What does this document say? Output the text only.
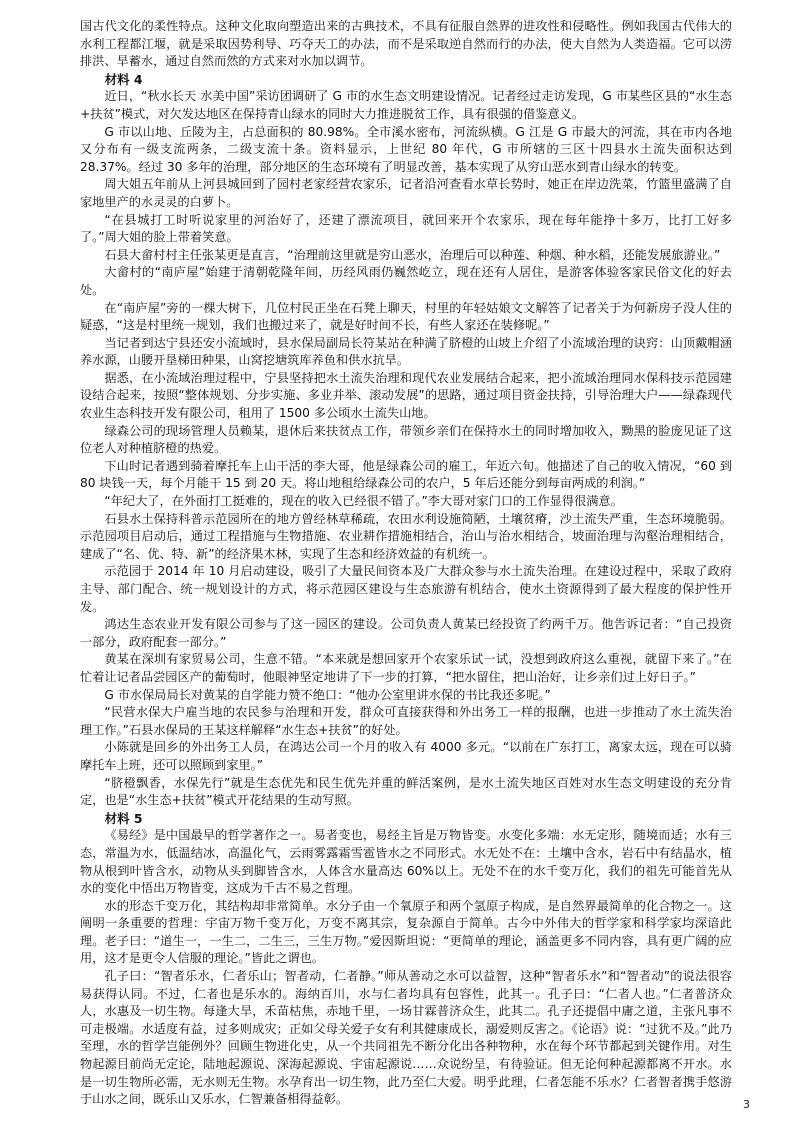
国古代文化的柔性特点。这种文化取向塑造出来的古典技术，不具有征服自然界的进攻性和侵略性。例如我国古代伟大的水利工程都江堰，就是采取因势利导、巧夺天工的办法，而不是采取逆自然而行的办法，使大自然为人类造福。它可以涝排洪、旱蓄水，通过自然而然的方式来对水加以调节。

材料 4

近日，“秋水长天 水美中国”采访团调研了 G 市的水生态文明建设情况。记者经过走访发现，G 市某些区县的“水生态+扶贫”模式，对欠发达地区在保持青山绿水的同时大力推进脱贫工作，具有很强的借鉴意义。

G 市以山地、丘陵为主，占总面积的 80.98%。全市溪水密布，河流纵横。G 江是 G 市最大的河流，其在市内各地又分布有一级支流两条，二级支流十条。资料显示，上世纪 80 年代，G 市所辖的三区十四县水土流失面积达到 28.37%。经过 30 多年的治理，部分地区的生态环境有了明显改善，基本实现了从穷山恶水到青山绿水的转变。

周大姐五年前从上河县城回到了园村老家经营农家乐，记者沿河查看水草长势时，她正在岸边洗菜，竹篮里盛满了自家地里产的水灵灵的白萝卜。

“在县城打工时听说家里的河治好了，还建了漂流项目，就回来开个农家乐，现在每年能挣十多万，比打工好多了。”周大姐的脸上带着笑意。

石县大畲村村主任张某更是直言，“治理前这里就是穷山恶水，治理后可以种莲、种烟、种水稻，还能发展旅游业。”

大畲村的“南庐屋”始建于清朝乾隆年间，历经风雨仍巍然屹立，现在还有人居住，是游客体验客家民俗文化的好去处。

在“南庐屋”旁的一棵大树下，几位村民正坐在石凳上聊天，村里的年轻姑娘文文解答了记者关于为何新房子没人住的疑惑，“这是村里统一规划，我们也搬过来了，就是好时间不长，有些人家还在装修呢。”

当记者到达宁县还安小流域时，县水保局副局长符某站在种满了脐橙的山坡上介绍了小流域治理的诀窍：山顶戴帽涵养水源，山腰开垦梯田种果，山窝挖塘筑库养鱼和供水抗旱。

据悉，在小流域治理过程中，宁县坚持把水土流失治理和现代农业发展结合起来，把小流域治理同水保科技示范园建设结合起来，按照“整体规划、分步实施、多业并举、滚动发展”的思路，通过项目资金扶持，引导治理大户——绿森现代农业生态科技开发有限公司，租用了 1500 多公顷水土流失山地。

绿森公司的现场管理人员赖某，退休后来扶贫点工作，带领乡亲们在保持水土的同时增加收入，黝黑的脸庞见证了这位老人对种植脐橙的热爱。

下山时记者遇到骑着摩托车上山干活的李大哥，他是绿森公司的雇工，年近六旬。他描述了自己的收入情况，“60 到 80 块钱一天，每个月能干 15 到 20 天。将山地租给绿森公司的农户，5 年后还能分到每亩两成的利润。”

“年纪大了，在外面打工挺难的，现在的收入已经很不错了。”李大哥对家门口的工作显得很满意。

石县水土保持科普示范园所在的地方曾经林草稀疏，农田水利设施简陋，土壤贫瘠，沙土流失严重，生态环境脆弱。示范园项目启动后，通过工程措施与生物措施、农业耕作措施相结合，治山与治水相结合，坡面治理与沟壑治理相结合，建成了“名、优、特、新”的经济果木林，实现了生态和经济效益的有机统一。

示范园于 2014 年 10 月启动建设，吸引了大量民间资本及广大群众参与水土流失治理。在建设过程中，采取了政府主导、部门配合、统一规划设计的方式，将示范园区建设与生态旅游有机结合，使水土资源得到了最大程度的保护性开发。

鸿达生态农业开发有限公司参与了这一园区的建设。公司负责人黄某已经投资了约两千万。他告诉记者：“自己投资一部分，政府配套一部分。”

黄某在深圳有家贸易公司，生意不错。“本来就是想回家开个农家乐试一试，没想到政府这么重视，就留下来了。”在忙着让记者品尝园区产的葡萄时，他眼神坚定地讲了下一步的打算，“把水留住，把山治好，让乡亲们过上好日子。”

G 市水保局局长对黄某的自学能力赞不绝口：“他办公室里讲水保的书比我还多呢。”

“民营水保大户雇当地的农民参与治理和开发，群众可直接获得和外出务工一样的报酬，也进一步推动了水土流失治理工作。”石县水保局的王某这样解释“水生态+扶贫”的好处。

小陈就是回乡的外出务工人员，在鸿达公司一个月的收入有 4000 多元。“以前在广东打工，离家太远，现在可以骑摩托车上班，还可以照顾到家里。”

“脐橙飘香，水保先行”就是生态优先和民生优先并重的鲜活案例，是水土流失地区百姓对水生态文明建设的充分肯定，也是“水生态+扶贫”模式开花结果的生动写照。

材料 5

《易经》是中国最早的哲学著作之一。易者变也，易经主旨是万物皆变。水变化多端：水无定形，随境而适；水有三态，常温为水，低温结冰，高温化气，云雨雾露霜雪雹皆水之不同形式。水无处不在：土壤中含水，岩石中有结晶水，植物从根到叶皆含水，动物从头到脚皆含水，人体含水量高达 60%以上。无处不在的水千变万化，我们的祖先可能首先从水的变化中悟出万物皆变，这成为千古不易之哲理。

水的形态千变万化，其结构却非常简单。水分子由一个氧原子和两个氢原子构成，是自然界最简单的化合物之一。这阐明一条重要的哲理：宇宙万物千变万化，万变不离其宗，复杂源自于简单。古今中外伟大的哲学家和科学家均深谙此理。老子曰：“道生一，一生二，二生三，三生万物。”爱因斯坦说：“更简单的理论，涵盖更多不同内容，具有更广阔的应用，这才是更令人信服的理论。”皆此之谓也。

孔子曰：“智者乐水，仁者乐山；智者动，仁者静。”师从善动之水可以益智，这种“智者乐水”和“智者动”的说法很容易获得认同。不过，仁者也是乐水的。海纳百川，水与仁者均具有包容性，此其一。孔子曰：“仁者人也。”仁者普济众人，水惠及一切生物。每逢大旱，禾苗枯焦，赤地千里，一场甘霖普济众生，此其二。孔子还提倡中庸之道，主张凡事不可走极端。水适度有益，过多则成灾；正如父母关爱子女有利其健康成长，溺爱则反害之。《论语》说：“过犹不及。”此乃至理，水的哲学岂能例外？回顾生物进化史，从一个共同祖先不断分化出各种物种，水在每个环节都起到关键作用。对生物起源目前尚无定论，陆地起源说、深海起源说、宇宙起源说……众说纷呈，有待验证。但无论何种起源都离不开水。水是一切生物所必需，无水则无生物。水孕育出一切生物，此乃至仁大爱。明乎此理，仁者怎能不乐水？仁者智者携手悠游于山水之间，既乐山又乐水，仁智兼备相得益彰。	3
